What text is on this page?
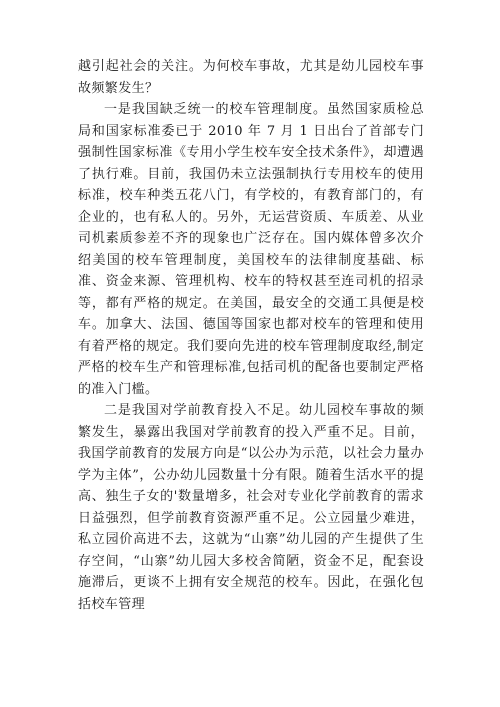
越引起社会的关注。为何校车事故，尤其是幼儿园校车事故频繁发生？

一是我国缺乏统一的校车管理制度。虽然国家质检总局和国家标准委已于 2010 年 7 月 1 日出台了首部专门强制性国家标准《专用小学生校车安全技术条件》，却遭遇了执行难。目前，我国仍未立法强制执行专用校车的使用标准，校车种类五花八门，有学校的，有教育部门的，有企业的，也有私人的。另外，无运营资质、车质差、从业司机素质参差不齐的现象也广泛存在。国内媒体曾多次介绍美国的校车管理制度，美国校车的法律制度基础、标准、资金来源、管理机构、校车的特权甚至连司机的招录等，都有严格的规定。在美国，最安全的交通工具便是校车。加拿大、法国、德国等国家也都对校车的管理和使用有着严格的规定。我们要向先进的校车管理制度取经,制定严格的校车生产和管理标准,包括司机的配备也要制定严格的准入门槛。

二是我国对学前教育投入不足。幼儿园校车事故的频繁发生，暴露出我国对学前教育的投入严重不足。目前，我国学前教育的发展方向是“以公办为示范，以社会力量办学为主体”，公办幼儿园数量十分有限。随着生活水平的提高、独生子女的'数量增多，社会对专业化学前教育的需求日益强烈，但学前教育资源严重不足。公立园量少难进，私立园价高进不去，这就为“山寨”幼儿园的产生提供了生存空间，“山寨”幼儿园大多校舍简陋，资金不足，配套设施滞后，更谈不上拥有安全规范的校车。因此，在强化包括校车管理
